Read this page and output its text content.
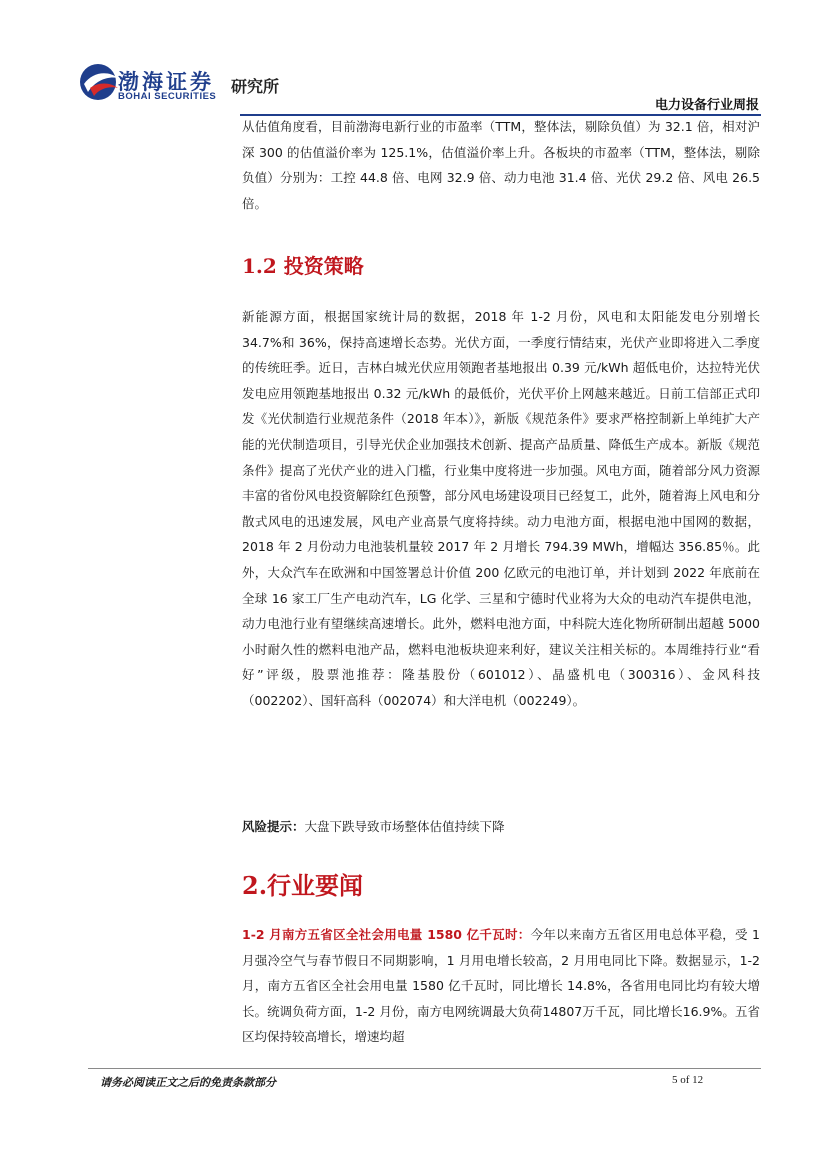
渤海证券
BOHAI SECURITIES
研究所
电力设备行业周报

从估值角度看，目前渤海电新行业的市盈率（TTM，整体法，剔除负值）为 32.1 倍，相对沪深 300 的估值溢价率为 125.1%，估值溢价率上升。各板块的市盈率（TTM，整体法，剔除负值）分别为：工控 44.8 倍、电网 32.9 倍、动力电池 31.4 倍、光伏 29.2 倍、风电 26.5 倍。

1.2 投资策略

新能源方面，根据国家统计局的数据，2018 年 1-2 月份，风电和太阳能发电分别增长 34.7%和 36%，保持高速增长态势。光伏方面，一季度行情结束，光伏产业即将进入二季度的传统旺季。近日，吉林白城光伏应用领跑者基地报出 0.39 元/kWh 超低电价，达拉特光伏发电应用领跑基地报出 0.32 元/kWh 的最低价，光伏平价上网越来越近。日前工信部正式印发《光伏制造行业规范条件（2018 年本）》，新版《规范条件》要求严格控制新上单纯扩大产能的光伏制造项目，引导光伏企业加强技术创新、提高产品质量、降低生产成本。新版《规范条件》提高了光伏产业的进入门槛，行业集中度将进一步加强。风电方面，随着部分风力资源丰富的省份风电投资解除红色预警，部分风电场建设项目已经复工，此外，随着海上风电和分散式风电的迅速发展，风电产业高景气度将持续。动力电池方面，根据电池中国网的数据，2018 年 2 月份动力电池装机量较 2017 年 2 月增长 794.39 MWh，增幅达 356.85％。此外，大众汽车在欧洲和中国签署总计价值 200 亿欧元的电池订单，并计划到 2022 年底前在全球 16 家工厂生产电动汽车，LG 化学、三星和宁德时代业将为大众的电动汽车提供电池，动力电池行业有望继续高速增长。此外，燃料电池方面，中科院大连化物所研制出超越 5000 小时耐久性的燃料电池产品，燃料电池板块迎来利好，建议关注相关标的。本周维持行业“看好”评级，股票池推荐：隆基股份（601012）、晶盛机电（300316）、金风科技（002202）、国轩高科（002074）和大洋电机（002249）。

风险提示：大盘下跌导致市场整体估值持续下降

2.行业要闻

1-2 月南方五省区全社会用电量 1580 亿千瓦时：今年以来南方五省区用电总体平稳，受 1 月强冷空气与春节假日不同期影响，1 月用电增长较高，2 月用电同比下降。数据显示，1-2 月，南方五省区全社会用电量 1580 亿千瓦时，同比增长 14.8%，各省用电同比均有较大增长。统调负荷方面，1-2 月份，南方电网统调最大负荷14807万千瓦，同比增长16.9%。五省区均保持较高增长，增速均超

请务必阅读正文之后的免责条款部分	5 of 12
